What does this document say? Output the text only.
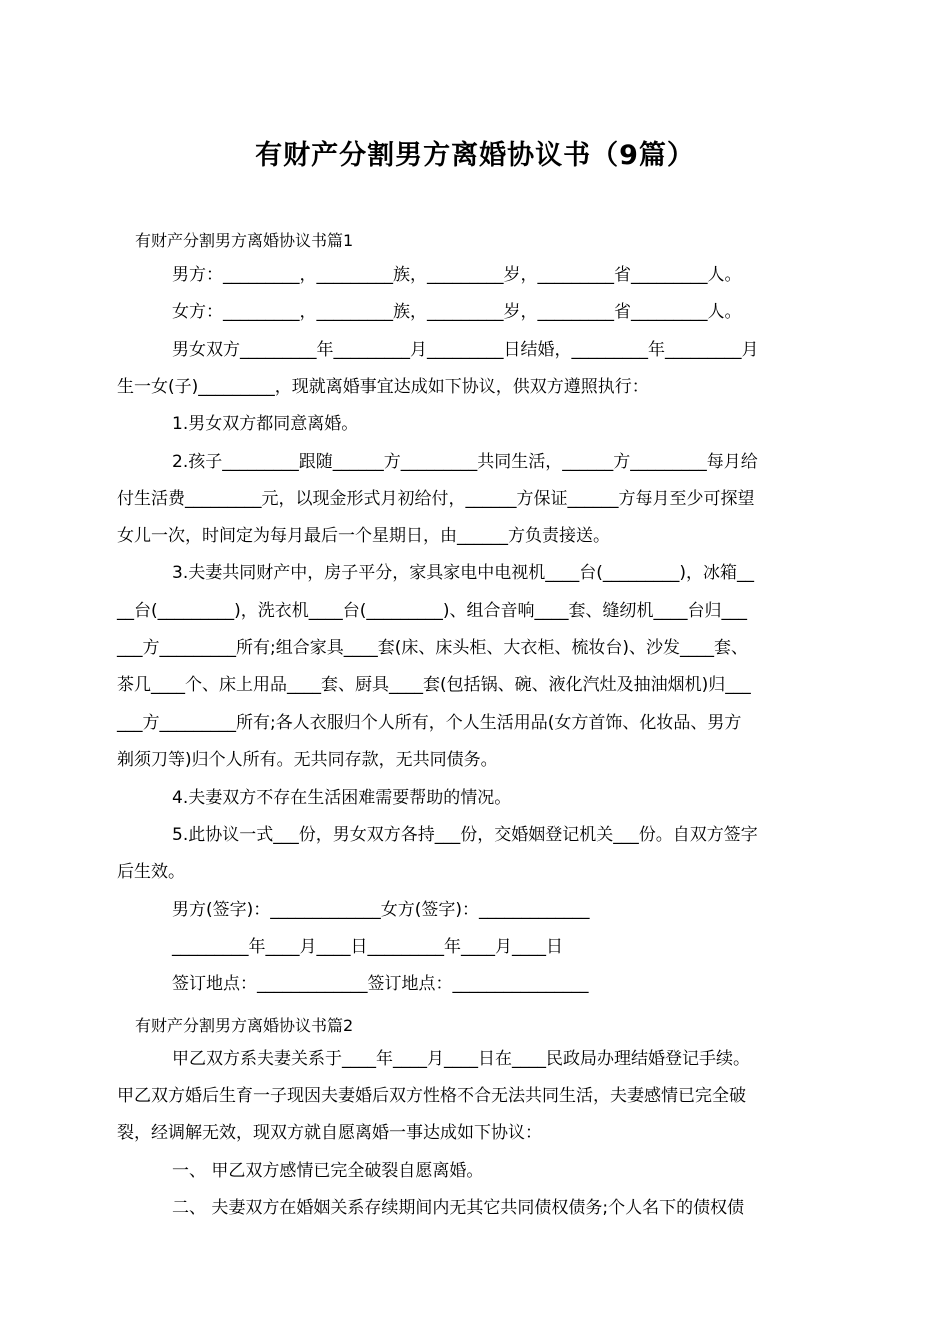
有财产分割男方离婚协议书（9篇）
有财产分割男方离婚协议书篇1
男方：_________，_________族，_________岁，_________省_________人。
女方：_________，_________族，_________岁，_________省_________人。
男女双方_________年_________月_________日结婚，_________年_________月
生一女(子)_________，现就离婚事宜达成如下协议，供双方遵照执行：
1.男女双方都同意离婚。
2.孩子_________跟随______方_________共同生活，______方_________每月给
付生活费_________元，以现金形式月初给付，______方保证______方每月至少可探望
女儿一次，时间定为每月最后一个星期日，由______方负责接送。
3.夫妻共同财产中，房子平分，家具家电中电视机____台(_________)，冰箱__
__台(_________)，洗衣机____台(_________)、组合音响____套、缝纫机____台归___
___方_________所有;组合家具____套(床、床头柜、大衣柜、梳妆台)、沙发____套、
茶几____个、床上用品____套、厨具____套(包括锅、碗、液化汽灶及抽油烟机)归___
___方_________所有;各人衣服归个人所有，个人生活用品(女方首饰、化妆品、男方
剃须刀等)归个人所有。无共同存款，无共同债务。
4.夫妻双方不存在生活困难需要帮助的情况。
5.此协议一式___份，男女双方各持___份，交婚姻登记机关___份。自双方签字
后生效。
男方(签字)：_____________女方(签字)：_____________
_________年____月____日_________年____月____日
签订地点：_____________签订地点：________________
有财产分割男方离婚协议书篇2
甲乙双方系夫妻关系于____年____月____日在____民政局办理结婚登记手续。
甲乙双方婚后生育一子现因夫妻婚后双方性格不合无法共同生活，夫妻感情已完全破
裂，经调解无效，现双方就自愿离婚一事达成如下协议：
一、 甲乙双方感情已完全破裂自愿离婚。
二、 夫妻双方在婚姻关系存续期间内无其它共同债权债务;个人名下的债权债
